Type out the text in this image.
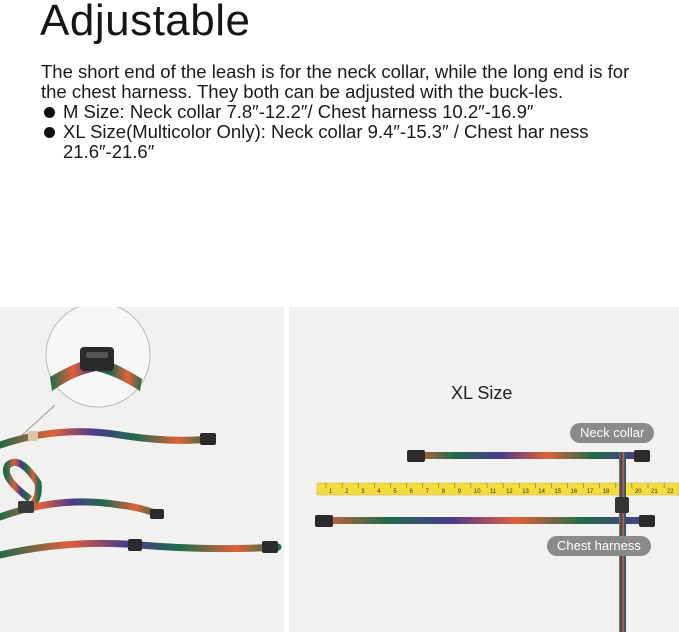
Adjustable
The short end of the leash is for the neck collar, while the long end is for the chest harness. They both can be adjusted with the buck-les.
M Size: Neck collar 7.8″-12.2″/ Chest harness 10.2″-16.9″
XL Size(Multicolor Only): Neck collar 9.4″-15.3″ / Chest har ness 21.6″-21.6″
1 2 3 4 5 6 7 8 9 10 11 12 13 14 15 16 17 18	20 21 22
XL Size
Neck collar
Chest harness
